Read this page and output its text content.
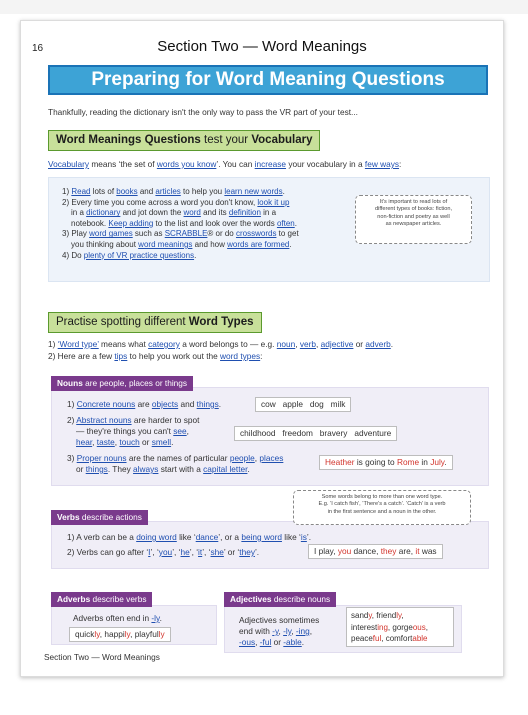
16	Section Two — Word Meanings
Preparing for Word Meaning Questions
Thankfully, reading the dictionary isn't the only way to pass the VR part of your test...
Word Meanings Questions test your Vocabulary
Vocabulary means ‘the set of words you know’. You can increase your vocabulary in a few ways:
1) Read lots of books and articles to help you learn new words.
2) Every time you come across a word you don't know, look it up
in a dictionary and jot down the word and its definition in a
notebook. Keep adding to the list and look over the words often.
3) Play word games such as SCRABBLE® or do crosswords to get
you thinking about word meanings and how words are formed.
4) Do plenty of VR practice questions.
It's important to read lots of
different types of books: fiction,
non-fiction and poetry as well
as newspaper articles.
Practise spotting different Word Types
1) ‘Word type’ means what category a word belongs to — e.g. noun, verb, adjective or adverb.
2) Here are a few tips to help you work out the word types:
Nouns are people, places or things
1) Concrete nouns are objects and things.	cow   apple   dog   milk
2) Abstract nouns are harder to spot
— they're things you can't see,
hear, taste, touch or smell.
childhood   freedom   bravery   adventure
3) Proper nouns are the names of particular people, places
or things. They always start with a capital letter.
Heather is going to Rome in July.
Verbs describe actions
Some words belong to more than one word type.
E.g. ‘I catch fish’, ‘There's a catch’. ‘Catch’ is a verb
in the first sentence and a noun in the other.
1) A verb can be a doing word like ‘dance’, or a being word like ‘is’.
2) Verbs can go after ‘I’, ‘you’, ‘he’, ‘it’, ‘she’ or ‘they’.	I play, you dance, they are, it was
Adverbs describe verbs
Adverbs often end in -ly.
quickly, happily, playfully
Adjectives describe nouns
Adjectives sometimes
end with -y, -ly, -ing,
-ous, -ful or -able.
sandy, friendly,
interesting, gorgeous,
peaceful, comfortable
Section Two — Word Meanings
